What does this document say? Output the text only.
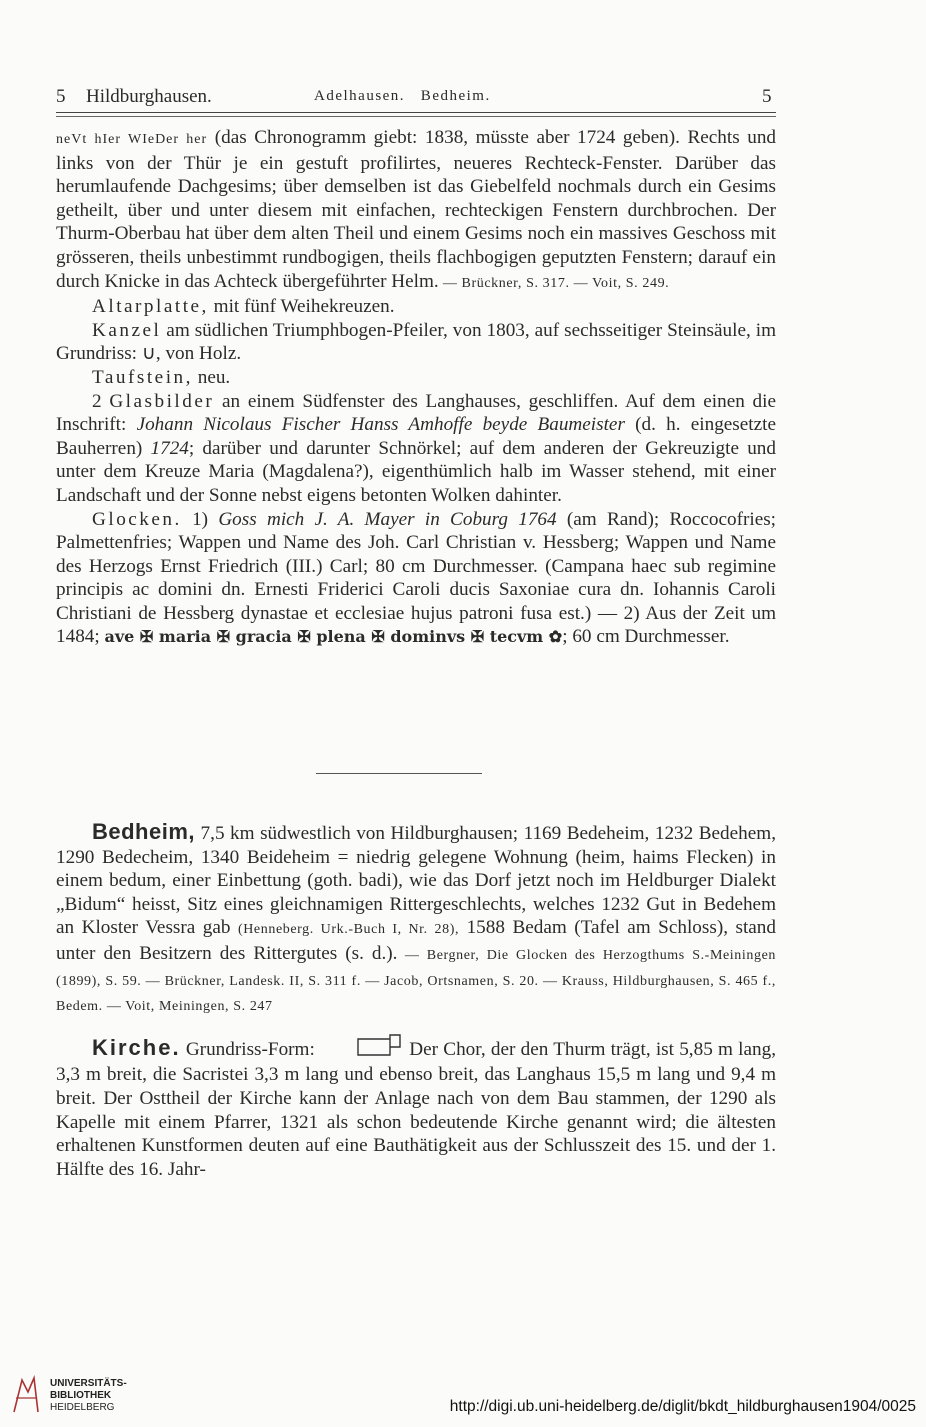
5 Hildburghausen.	Adelhausen.   Bedheim.	5

neVt hIer WIeDer her (das Chronogramm giebt: 1838, müsste aber 1724 geben). Rechts und links von der Thür je ein gestuft profilirtes, neueres Rechteck-Fenster. Darüber das herumlaufende Dachgesims; über demselben ist das Giebelfeld nochmals durch ein Gesims getheilt, über und unter diesem mit einfachen, rechteckigen Fenstern durchbrochen. Der Thurm-Oberbau hat über dem alten Theil und einem Gesims noch ein massives Geschoss mit grösseren, theils unbestimmt rundbogigen, theils flachbogigen geputzten Fenstern; darauf ein durch Knicke in das Achteck übergeführter Helm. — Brückner, S. 317. — Voit, S. 249.

Altarplatte, mit fünf Weihekreuzen.

Kanzel am südlichen Triumphbogen-Pfeiler, von 1803, auf sechsseitiger Steinsäule, im Grundriss: ∪, von Holz.

Taufstein, neu.

2 Glasbilder an einem Südfenster des Langhauses, geschliffen. Auf dem einen die Inschrift: Johann Nicolaus Fischer Hanss Amhoffe beyde Baumeister (d. h. eingesetzte Bauherren) 1724; darüber und darunter Schnörkel; auf dem anderen der Gekreuzigte und unter dem Kreuze Maria (Magdalena?), eigenthümlich halb im Wasser stehend, mit einer Landschaft und der Sonne nebst eigens betonten Wolken dahinter.

Glocken. 1) Goss mich J. A. Mayer in Coburg 1764 (am Rand); Roccocofries; Palmettenfries; Wappen und Name des Joh. Carl Christian v. Hessberg; Wappen und Name des Herzogs Ernst Friedrich (III.) Carl; 80 cm Durchmesser. (Campana haec sub regimine principis ac domini dn. Ernesti Friderici Caroli ducis Saxoniae cura dn. Iohannis Caroli Christiani de Hessberg dynastae et ecclesiae hujus patroni fusa est.) — 2) Aus der Zeit um 1484; ave ✠ maria ✠ gracia ✠ plena ✠ dominvs ✠ tecvm ✿; 60 cm Durchmesser.

Bedheim, 7,5 km südwestlich von Hildburghausen; 1169 Bedeheim, 1232 Bedehem, 1290 Bedecheim, 1340 Beideheim = niedrig gelegene Wohnung (heim, haims Flecken) in einem bedum, einer Einbettung (goth. badi), wie das Dorf jetzt noch im Heldburger Dialekt „Bidum“ heisst, Sitz eines gleichnamigen Rittergeschlechts, welches 1232 Gut in Bedehem an Kloster Vessra gab (Henneberg. Urk.-Buch I, Nr. 28), 1588 Bedam (Tafel am Schloss), stand unter den Besitzern des Rittergutes (s. d.). — Bergner, Die Glocken des Herzogthums S.-Meiningen (1899), S. 59. — Brückner, Landesk. II, S. 311 f. — Jacob, Ortsnamen, S. 20. — Krauss, Hildburghausen, S. 465 f., Bedem. — Voit, Meiningen, S. 247

Kirche. Grundriss-Form:	Der Chor, der den Thurm trägt, ist 5,85 m lang, 3,3 m breit, die Sacristei 3,3 m lang und ebenso breit, das Langhaus 15,5 m lang und 9,4 m breit. Der Osttheil der Kirche kann der Anlage nach von dem Bau stammen, der 1290 als Kapelle mit einem Pfarrer, 1321 als schon bedeutende Kirche genannt wird; die ältesten erhaltenen Kunstformen deuten auf eine Bauthätigkeit aus der Schlusszeit des 15. und der 1. Hälfte des 16. Jahr-

UNIVERSITÄTS-
BIBLIOTHEK
HEIDELBERG	http://digi.ub.uni-heidelberg.de/diglit/bkdt_hildburghausen1904/0025
